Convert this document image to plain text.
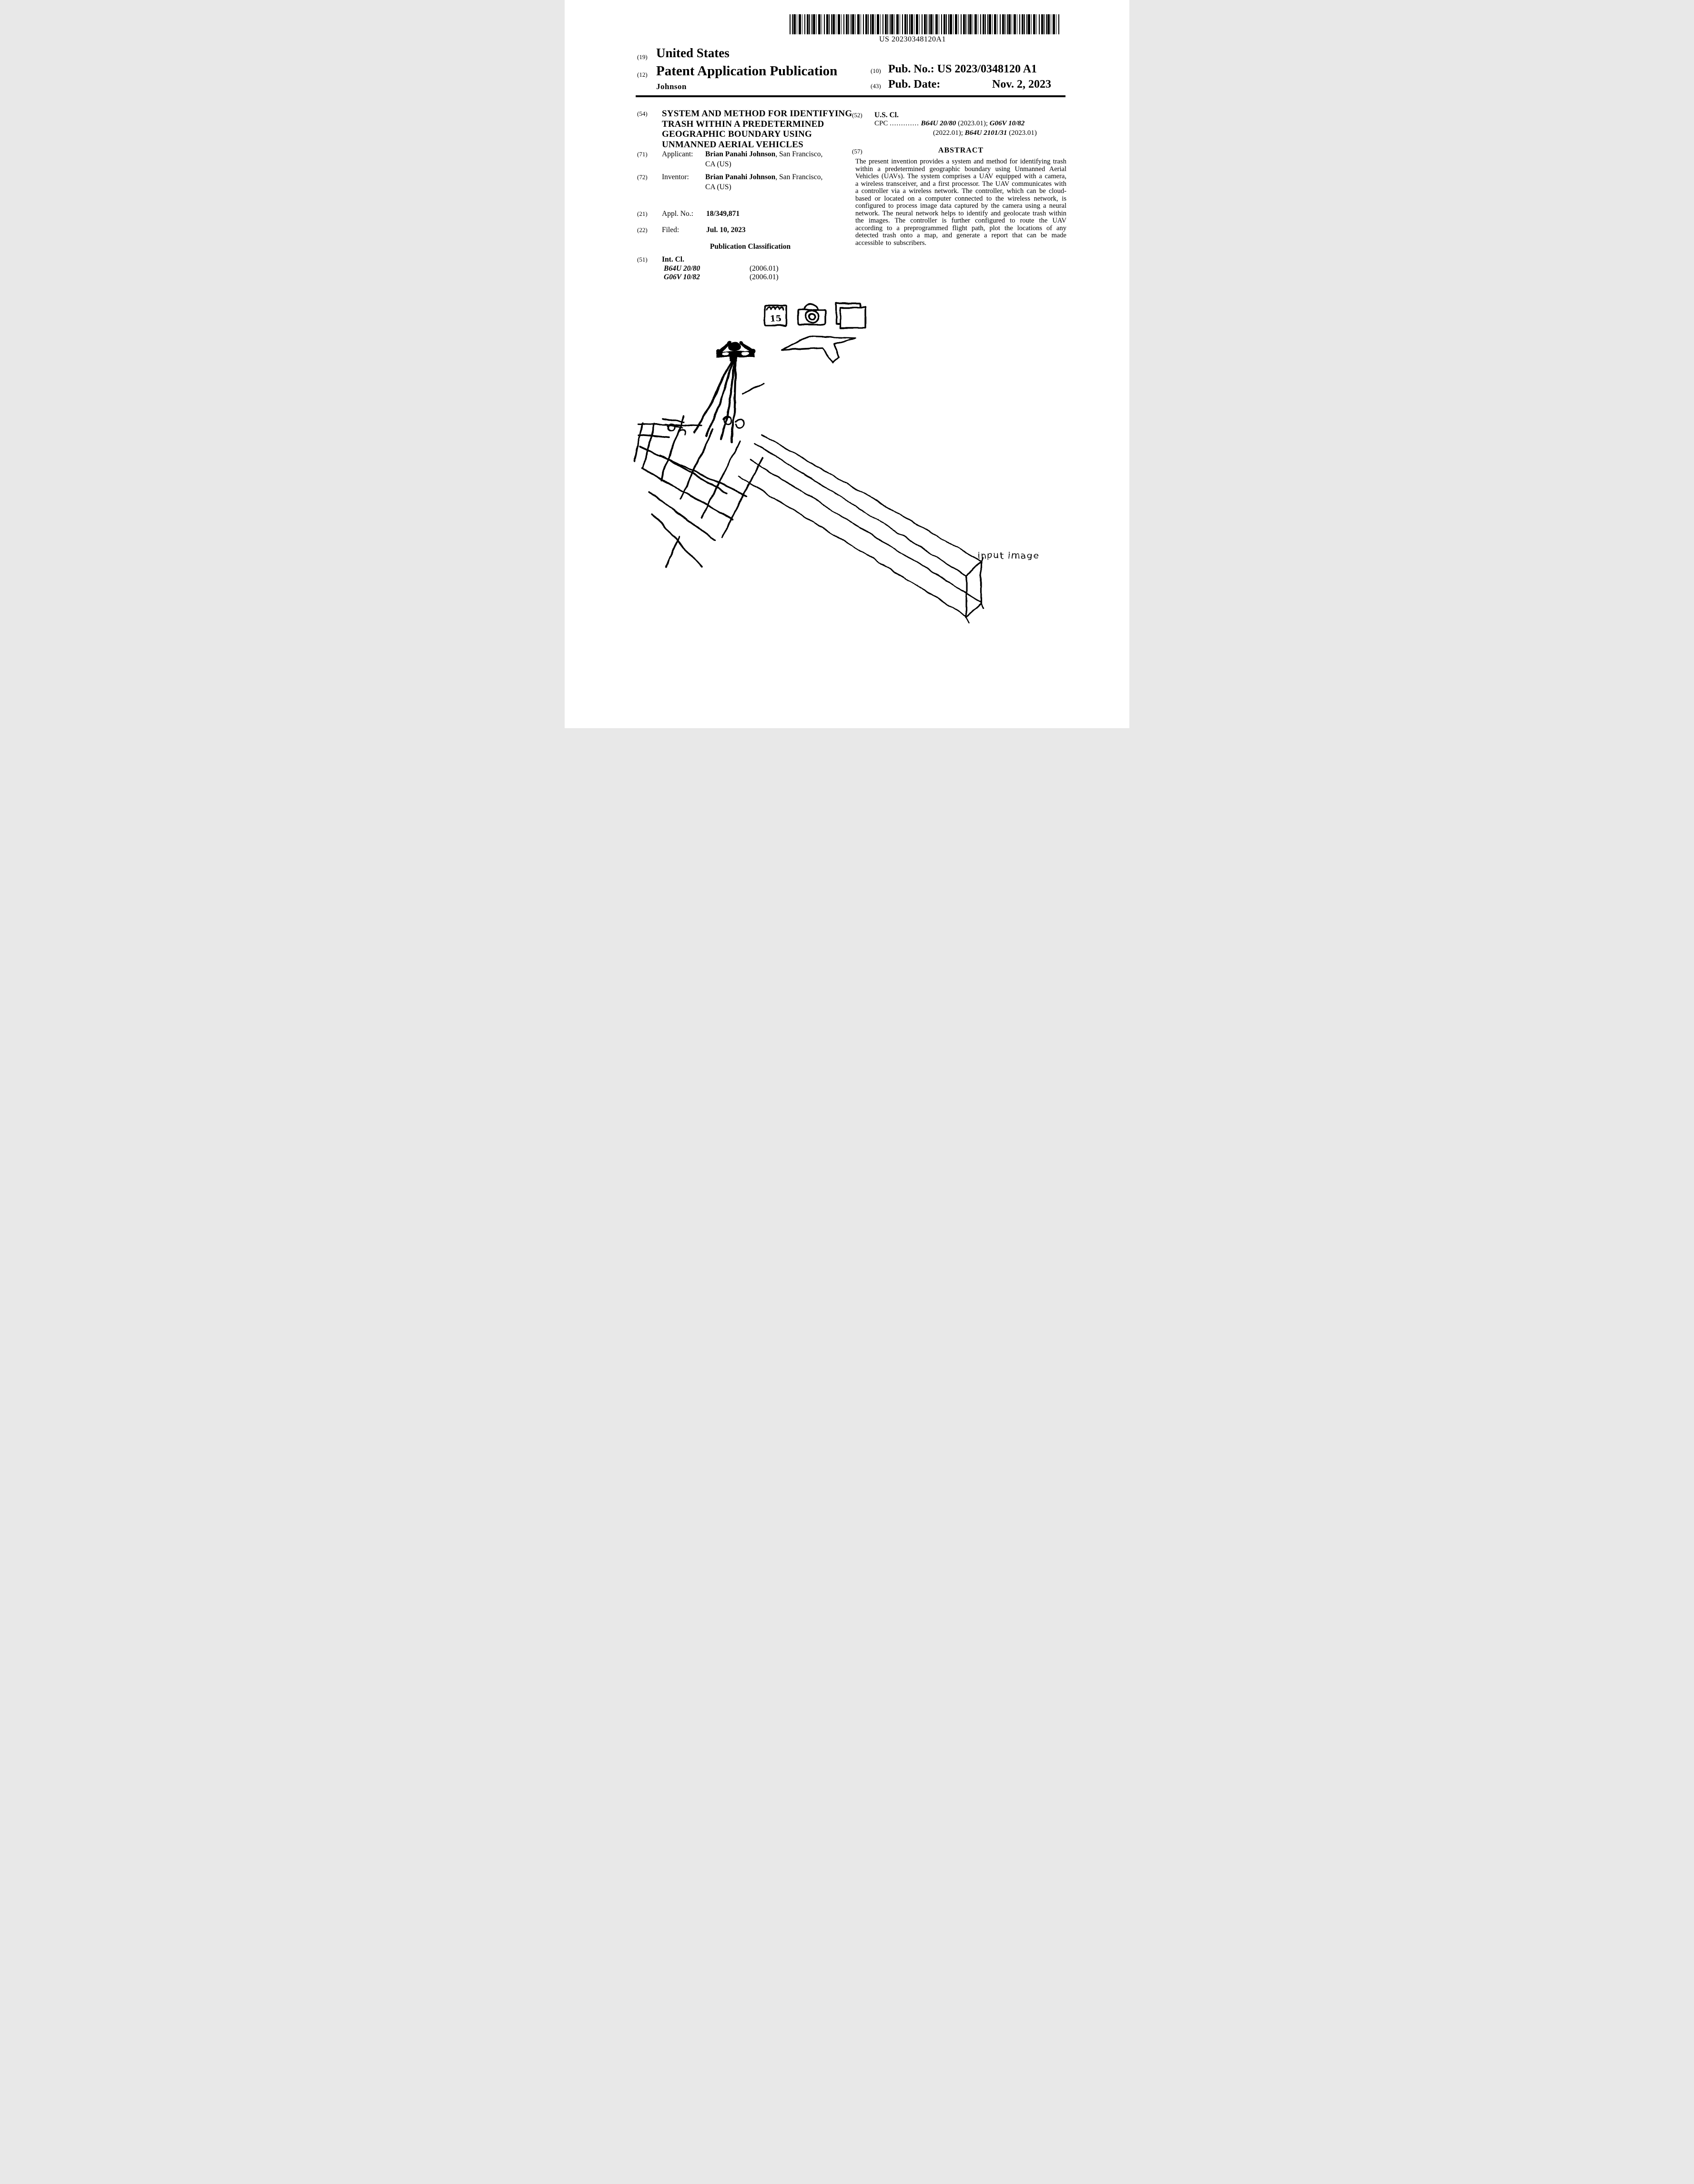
US 20230348120A1
(19) United States
(12) Patent Application Publication
Johnson
(10) Pub. No.: US 2023/0348120 A1
(43) Pub. Date:	Nov. 2, 2023
(54) SYSTEM AND METHOD FOR IDENTIFYING
TRASH WITHIN A PREDETERMINED
GEOGRAPHIC BOUNDARY USING
UNMANNED AERIAL VEHICLES
(71) Applicant: Brian Panahi Johnson, San Francisco,
CA (US)
(72) Inventor: Brian Panahi Johnson, San Francisco,
CA (US)
(21) Appl. No.: 18/349,871
(22) Filed:	Jul. 10, 2023
Publication Classification
(51) Int. Cl.
B64U 20/80	(2006.01)
G06V 10/82	(2006.01)
(52) U.S. Cl.
CPC ............. B64U 20/80 (2023.01); G06V 10/82
(2022.01); B64U 2101/31 (2023.01)
(57)	ABSTRACT
The present invention provides a system and method for identifying trash within a predetermined geographic boundary using Unmanned Aerial Vehicles (UAVs). The system comprises a UAV equipped with a camera, a wireless transceiver, and a first processor. The UAV communicates with a controller via a wireless network. The controller, which can be cloud-based or located on a computer connected to the wireless network, is configured to process image data captured by the camera using a neural network. The neural network helps to identify and geolocate trash within the images. The controller is further configured to route the UAV according to a preprogrammed flight path, plot the locations of any detected trash onto a map, and generate a report that can be made accessible to subscribers.
15
input image
